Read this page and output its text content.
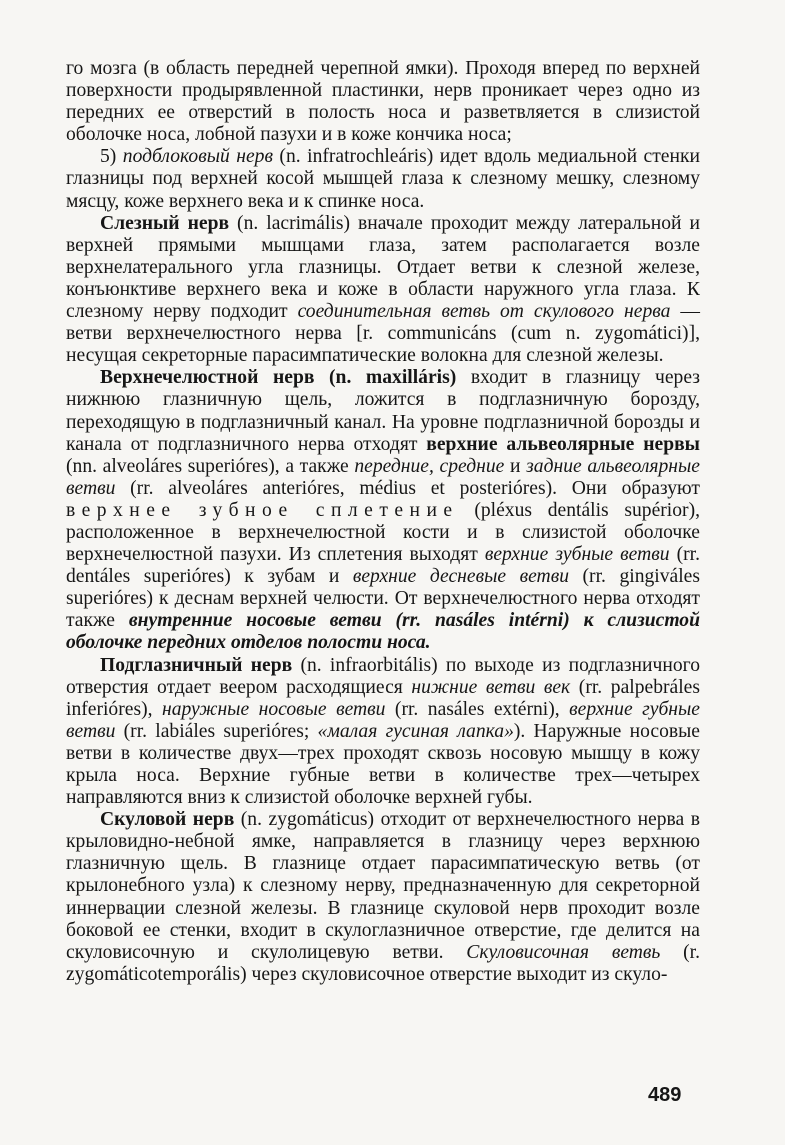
го мозга (в область передней черепной ямки). Проходя вперед по верхней поверхности продырявленной пластинки, нерв проникает через одно из передних ее отверстий в полость носа и разветвляется в слизистой оболочке носа, лобной пазухи и в коже кончика носа;

5) подблоковый нерв (n. infratrochleáris) идет вдоль медиальной стенки глазницы под верхней косой мышцей глаза к слезному мешку, слезному мясцу, коже верхнего века и к спинке носа.

Слезный нерв (n. lacrimális) вначале проходит между латеральной и верхней прямыми мышцами глаза, затем располагается возле верхнелатерального угла глазницы. Отдает ветви к слезной железе, конъюнктиве верхнего века и коже в области наружного угла глаза. К слезному нерву подходит соединительная ветвь от скулового нерва — ветви верхнечелюстного нерва [r. communicáns (cum n. zygomátici)], несущая секреторные парасимпатические волокна для слезной железы.

Верхнечелюстной нерв (n. maxilláris) входит в глазницу через нижнюю глазничную щель, ложится в подглазничную борозду, переходящую в подглазничный канал. На уровне подглазничной борозды и канала от подглазничного нерва отходят верхние альвеолярные нервы (nn. alveoláres superióres), а также передние, средние и задние альвеолярные ветви (rr. alveoláres anterióres, médius et posterióres). Они образуют верхнее зубное сплетение (pléxus dentális supérior), расположенное в верхнечелюстной кости и в слизистой оболочке верхнечелюстной пазухи. Из сплетения выходят верхние зубные ветви (rr. dentáles superióres) к зубам и верхние десневые ветви (rr. gingiváles superióres) к деснам верхней челюсти. От верхнечелюстного нерва отходят также внутренние носовые ветви (rr. nasáles intérni) к слизистой оболочке передних отделов полости носа.

Подглазничный нерв (n. infraorbitális) по выходе из подглазничного отверстия отдает веером расходящиеся нижние ветви век (rr. palpebráles inferióres), наружные носовые ветви (rr. nasáles extérni), верхние губные ветви (rr. labiáles superióres; «малая гусиная лапка»). Наружные носовые ветви в количестве двух—трех проходят сквозь носовую мышцу в кожу крыла носа. Верхние губные ветви в количестве трех—четырех направляются вниз к слизистой оболочке верхней губы.

Скуловой нерв (n. zygomáticus) отходит от верхнечелюстного нерва в крыловидно-небной ямке, направляется в глазницу через верхнюю глазничную щель. В глазнице отдает парасимпатическую ветвь (от крылонебного узла) к слезному нерву, предназначенную для секреторной иннервации слезной железы. В глазнице скуловой нерв проходит возле боковой ее стенки, входит в скулоглазничное отверстие, где делится на скуловисочную и скулолицевую ветви. Скуловисочная ветвь (r. zygomáticotemporális) через скуловисочное отверстие выходит из скуло-

489
